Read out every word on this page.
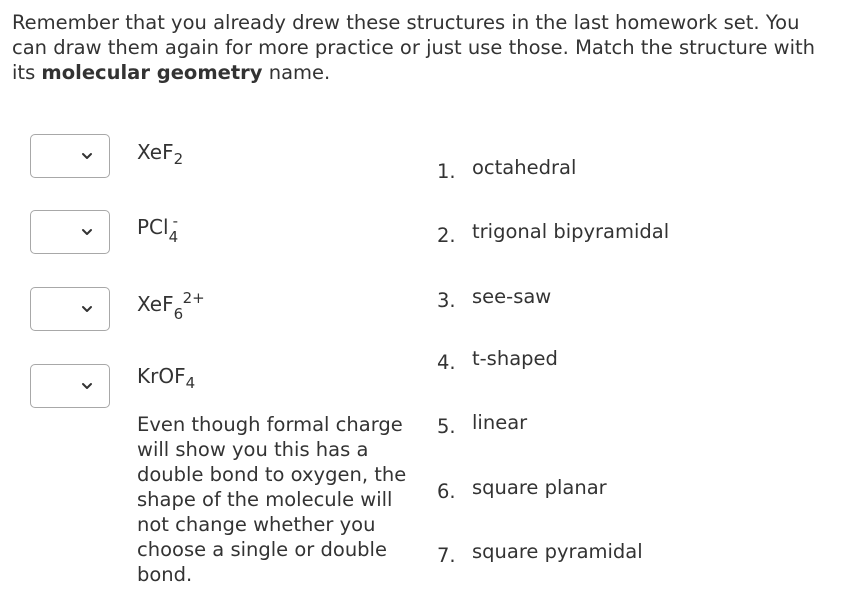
Remember that you already drew these structures in the last homework set. You can draw them again for more practice or just use those. Match the structure with its molecular geometry name.

XeF$_2$
PCl 4
-
XeF 6
2+
KrOF$_4$

Even though formal charge will show you this has a double bond to oxygen, the shape of the molecule will not change whether you choose a single or double bond.

1. octahedral
2. trigonal bipyramidal
3. see-saw
4. t-shaped
5. linear
6. square planar
7. square pyramidal
